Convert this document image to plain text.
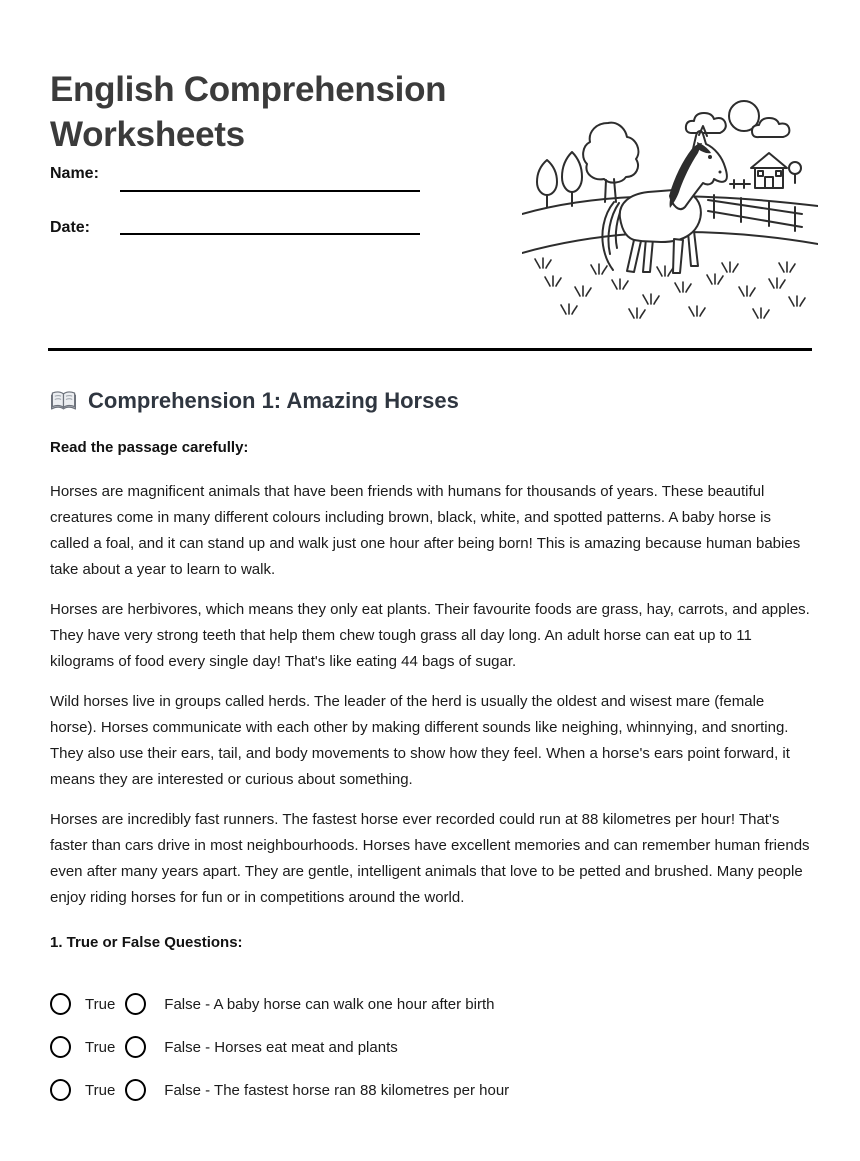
English Comprehension Worksheets
Name:
Date:
Comprehension 1: Amazing Horses

Read the passage carefully:

Horses are magnificent animals that have been friends with humans for thousands of years. These beautiful creatures come in many different colours including brown, black, white, and spotted patterns. A baby horse is called a foal, and it can stand up and walk just one hour after being born! This is amazing because human babies take about a year to learn to walk.

Horses are herbivores, which means they only eat plants. Their favourite foods are grass, hay, carrots, and apples. They have very strong teeth that help them chew tough grass all day long. An adult horse can eat up to 11 kilograms of food every single day! That's like eating 44 bags of sugar.

Wild horses live in groups called herds. The leader of the herd is usually the oldest and wisest mare (female horse). Horses communicate with each other by making different sounds like neighing, whinnying, and snorting. They also use their ears, tail, and body movements to show how they feel. When a horse's ears point forward, it means they are interested or curious about something.

Horses are incredibly fast runners. The fastest horse ever recorded could run at 88 kilometres per hour! That's faster than cars drive in most neighbourhoods. Horses have excellent memories and can remember human friends even after many years apart. They are gentle, intelligent animals that love to be petted and brushed. Many people enjoy riding horses for fun or in competitions around the world.

1. True or False Questions:

True	False - A baby horse can walk one hour after birth
True	False - Horses eat meat and plants
True	False - The fastest horse ran 88 kilometres per hour
